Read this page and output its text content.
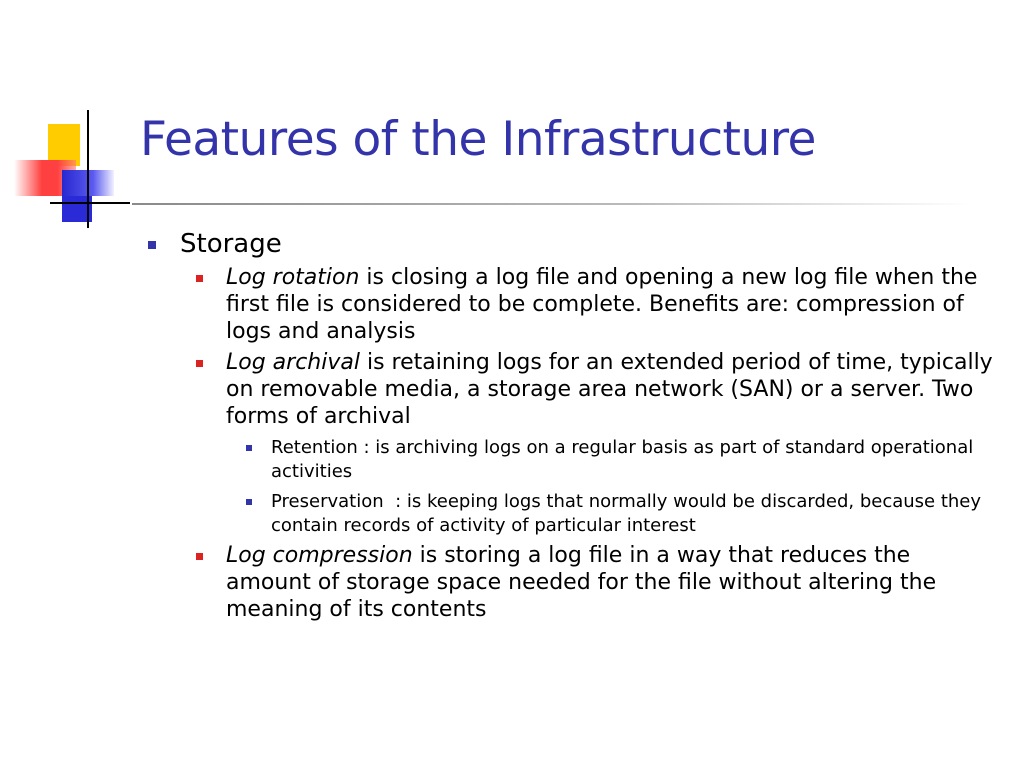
Features of the Infrastructure
Storage
Log rotation is closing a log file and opening a new log file when the first file is considered to be complete. Benefits are: compression of logs and analysis
Log archival is retaining logs for an extended period of time, typically on removable media, a storage area network (SAN) or a server. Two forms of archival
Retention : is archiving logs on a regular basis as part of standard operational activities
Preservation  : is keeping logs that normally would be discarded, because they contain records of activity of particular interest
Log compression is storing a log file in a way that reduces the amount of storage space needed for the file without altering the meaning of its contents
